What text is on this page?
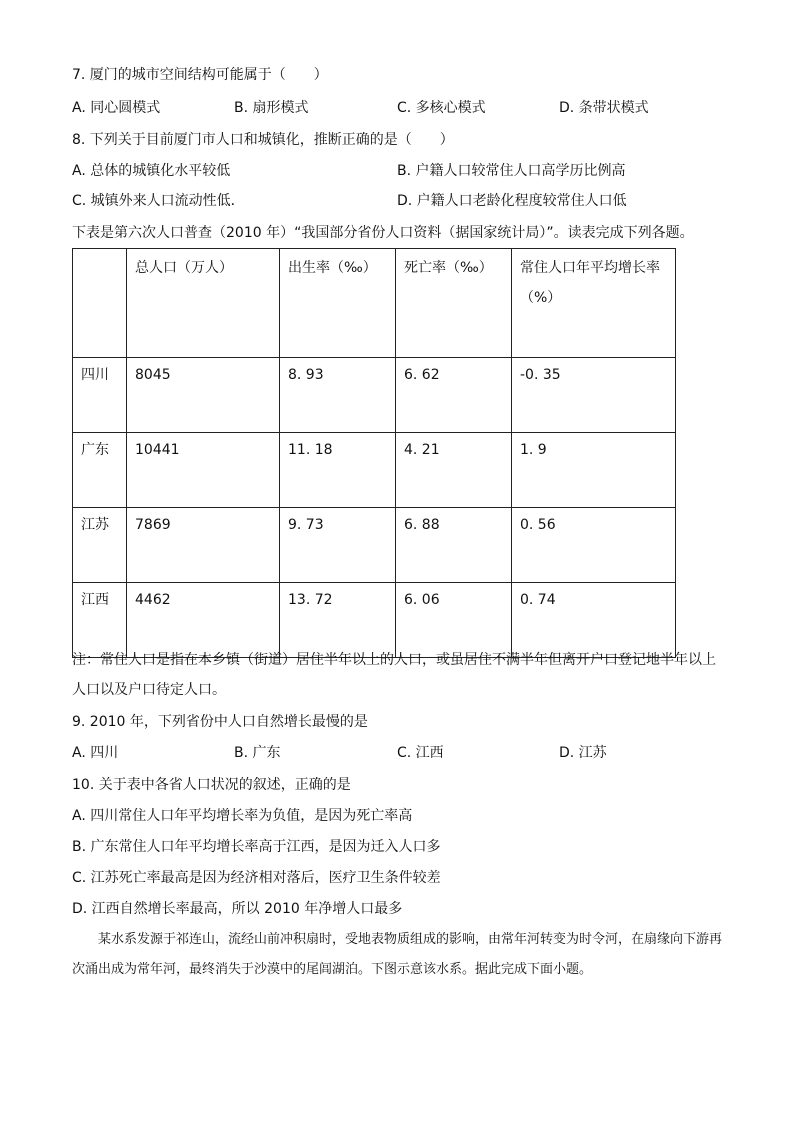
7. 厦门的城市空间结构可能属于（　　）
A. 同心圆模式	B. 扇形模式	C. 多核心模式	D. 条带状模式
8. 下列关于目前厦门市人口和城镇化，推断正确的是（　　）
A. 总体的城镇化水平较低	B. 户籍人口较常住人口高学历比例高
C. 城镇外来人口流动性低．	D. 户籍人口老龄化程度较常住人口低
下表是第六次人口普查（2010 年）“我国部分省份人口资料（据国家统计局）”。读表完成下列各题。
	总人口（万人）	出生率（‰）	死亡率（‰）	常住人口年平均增长率（%）
四川	8045	8. 93	6. 62	-0. 35
广东	10441	11. 18	4. 21	1. 9
江苏	7869	9. 73	6. 88	0. 56
江西	4462	13. 72	6. 06	0. 74
注：常住人口是指在本乡镇（街道）居住半年以上的人口，或虽居住不满半年但离开户口登记地半年以上
人口以及户口待定人口。
9. 2010 年，下列省份中人口自然增长最慢的是
A. 四川	B. 广东	C. 江西	D. 江苏
10. 关于表中各省人口状况的叙述，正确的是
A. 四川常住人口年平均增长率为负值，是因为死亡率高
B. 广东常住人口年平均增长率高于江西，是因为迁入人口多
C. 江苏死亡率最高是因为经济相对落后，医疗卫生条件较差
D. 江西自然增长率最高，所以 2010 年净增人口最多
　　某水系发源于祁连山，流经山前冲积扇时，受地表物质组成的影响，由常年河转变为时令河，在扇缘向下游再次涌出成为常年河，最终消失于沙漠中的尾闾湖泊。下图示意该水系。据此完成下面小题。
